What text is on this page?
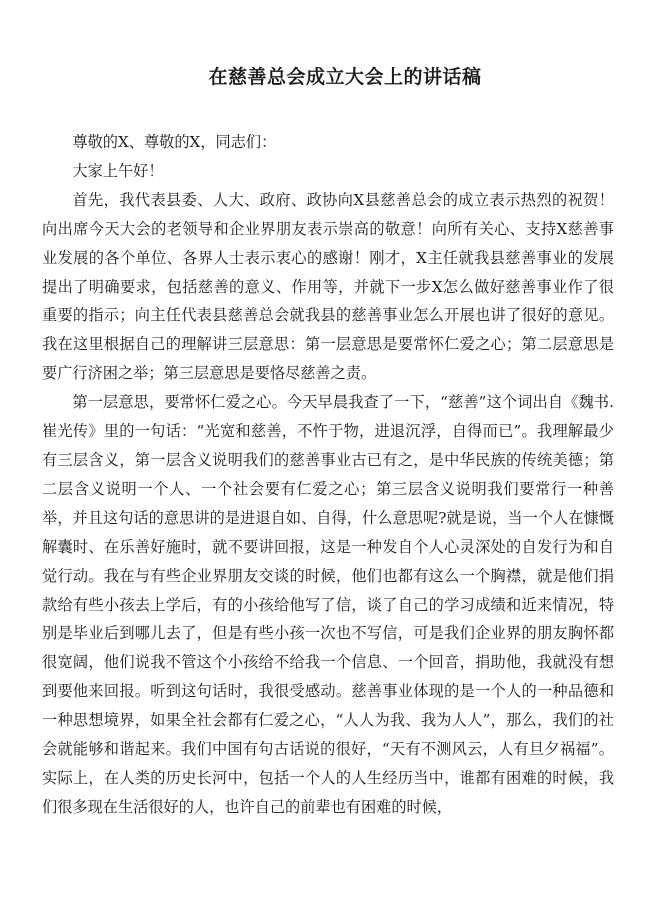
在慈善总会成立大会上的讲话稿

尊敬的X、尊敬的X，同志们：

大家上午好！

首先，我代表县委、人大、政府、政协向X县慈善总会的成立表示热烈的祝贺！向出席今天大会的老领导和企业界朋友表示崇高的敬意！向所有关心、支持X慈善事业发展的各个单位、各界人士表示衷心的感谢！刚才，X主任就我县慈善事业的发展提出了明确要求，包括慈善的意义、作用等，并就下一步X怎么做好慈善事业作了很重要的指示；向主任代表县慈善总会就我县的慈善事业怎么开展也讲了很好的意见。我在这里根据自己的理解讲三层意思：第一层意思是要常怀仁爱之心；第二层意思是要广行济困之举；第三层意思是要恪尽慈善之责。

第一层意思，要常怀仁爱之心。今天早晨我查了一下，“慈善”这个词出自《魏书.崔光传》里的一句话：“光宽和慈善，不忤于物，进退沉浮，自得而已”。我理解最少有三层含义，第一层含义说明我们的慈善事业古已有之，是中华民族的传统美德；第二层含义说明一个人、一个社会要有仁爱之心；第三层含义说明我们要常行一种善举，并且这句话的意思讲的是进退自如、自得，什么意思呢?就是说，当一个人在慷慨解囊时、在乐善好施时，就不要讲回报，这是一种发自个人心灵深处的自发行为和自觉行动。我在与有些企业界朋友交谈的时候，他们也都有这么一个胸襟，就是他们捐款给有些小孩去上学后，有的小孩给他写了信，谈了自己的学习成绩和近来情况，特别是毕业后到哪儿去了，但是有些小孩一次也不写信，可是我们企业界的朋友胸怀都很宽阔，他们说我不管这个小孩给不给我一个信息、一个回音，捐助他，我就没有想到要他来回报。听到这句话时，我很受感动。慈善事业体现的是一个人的一种品德和一种思想境界，如果全社会都有仁爱之心，“人人为我、我为人人”，那么，我们的社会就能够和谐起来。我们中国有句古话说的很好，“天有不测风云，人有旦夕祸福”。实际上，在人类的历史长河中，包括一个人的人生经历当中，谁都有困难的时候，我们很多现在生活很好的人，也许自己的前辈也有困难的时候，
